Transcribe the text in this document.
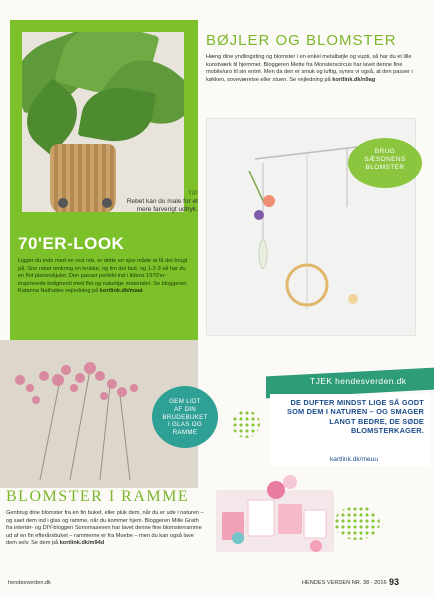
TIP
Rebet kan du male for et mere farverigt udtryk.
70'ER-LOOK
Ligger du inde med en rest reb, er dette en sjov måde at få det brugt på. Sno rebet omkring en krukke, og lim det fast, og 1-2-3 så har du en flot planteskjuler. Den passer perfekt ind i tidens 1970'er-inspirerede boligtrend med flet og naturlige materialer. Se bloggeren Katarina Nathalies vejledning på kortlink.dk/maat
BØJLER OG BLOMSTER
Hæng dine yndlingsting og blomster i en enkel metalbøjle og vupti, så har du et lille kunstværk til hjemmet. Bloggeren Mette fra Monsterscircus har lavet denne fine mobile/uro til sin entré. Men da den er smuk og luftig, synes vi også, at den passer i køkken, soveværelse eller stuen. Se vejledning på kortlink.dk/n9ag
BRUG
SÆSONENS
BLOMSTER
GEM LIDT
AF DIN
BRUDEBUKET
I GLAS OG
RAMME
BLOMSTER I RAMME
Genbrug dine blomster fra en fin buket, eller pluk dem, når du er ude i naturen – og saet dem ind i glas og ramme, når du kommer hjem. Bloggeren Mille Grath fra interiør- og DIY-bloggen Sonomaseven har lavet denne fine blomsterramme ud af en fin efterårsbuket – rammerne er fra Moebe – men du kan også lave dem selv. Se dem på kortlink.dk/m94d
TJEK hendesverden.dk
DE DUFTER MINDST LIGE SÅ GODT SOM DEM I NATUREN – OG SMAGER LANGT BEDRE, DE SØDE BLOMSTERKAGER.
kartlink.dk/meuu
hendesverden.dk	HENDES VERDEN NR. 38 · 2016 93
